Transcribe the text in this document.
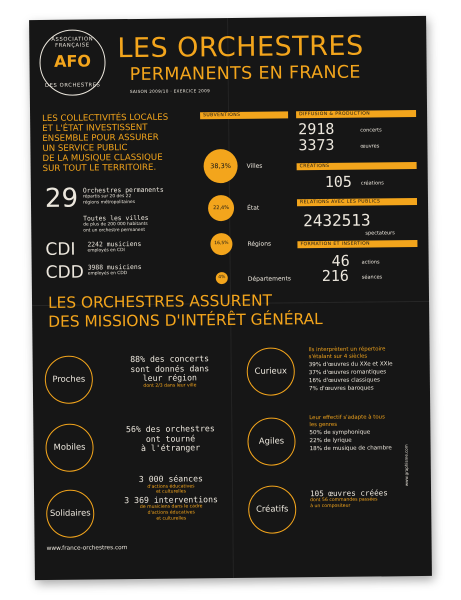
ASSOCIATION FRANÇAISE
AFO
DES ORCHESTRES
LES ORCHESTRES
PERMANENTS EN FRANCE
SAISON 2009/10 · EXERCICE 2009
LES COLLECTIVITÉS LOCALES
ET L'ÉTAT INVESTISSENT
ENSEMBLE POUR ASSURER
UN SERVICE PUBLIC
DE LA MUSIQUE CLASSIQUE
SUR TOUT LE TERRITOIRE.
29 Orchestres permanents
répartis sur 20 des 22
régions métropolitaines
Toutes les villes
de plus de 200 000 habitants
ont un orchestre permanent
CDI 2242 musiciens
employés en CDI
CDD 3988 musiciens
employés en CDD
SUBVENTIONS
38,3%	Villes
22,4%	État
16,5%	Régions
4%	Départements
DIFFUSION & PRODUCTION
2918	concerts
3373	œuvres
CRÉATIONS
105 créations
RELATIONS AVEC LES PUBLICS
2432513
spectateurs
FORMATION ET INSERTION
46 actions
216	séances
LES ORCHESTRES ASSURENT
DES MISSIONS D'INTÉRÊT GÉNÉRAL
Proches
88% des concerts
sont donnés dans
leur région
dont 2/3 dans leur ville
Mobiles
56% des orchestres
ont tourné
à l'étranger
Solidaires
3 000 séances
d'actions éducatives
et culturelles
3 369 interventions
de musiciens dans le cadre
d'actions éducatives
et culturelles
Curieux
Ils interprètent un répertoire
s'étalant sur 4 siècles
39% d'œuvres du XXe et XXIe
37% d'œuvres romantiques
16% d'œuvres classiques
7% d'œuvres baroques
Agiles
Leur effectif s'adapte à tous
les genres
50% de symphonique
22% de lyrique
18% de musique de chambre
Créatifs
105 œuvres créées
dont 56 commandes passées
à un compositeur
www.france-orchestres.com
www.graphisme.com
